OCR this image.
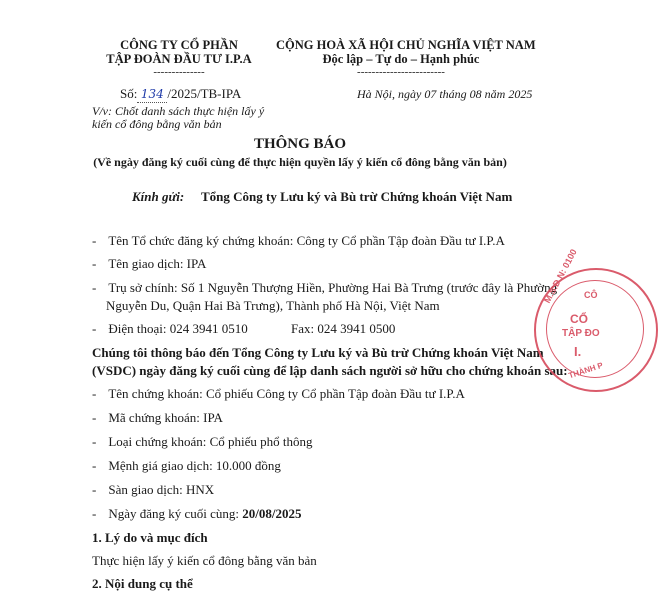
CÔNG TY CỔ PHẦN
TẬP ĐOÀN ĐẦU TƯ I.P.A
--------------
Số: 134 /2025/TB-IPA
V/v: Chốt danh sách thực hiện lấy ý
kiến cổ đông bằng văn bản
CỘNG HOÀ XÃ HỘI CHỦ NGHĨA VIỆT NAM
Độc lập – Tự do – Hạnh phúc
------------------------
Hà Nội, ngày 07 tháng 08 năm 2025
THÔNG BÁO
(Về ngày đăng ký cuối cùng để thực hiện quyền lấy ý kiến cổ đông bằng văn bản)
Kính gửi: Tổng Công ty Lưu ký và Bù trừ Chứng khoán Việt Nam
- Tên Tổ chức đăng ký chứng khoán: Công ty Cổ phần Tập đoàn Đầu tư I.P.A
- Tên giao dịch: IPA
- Trụ sở chính: Số 1 Nguyễn Thượng Hiền, Phường Hai Bà Trưng (trước đây là Phường
Nguyễn Du, Quận Hai Bà Trưng), Thành phố Hà Nội, Việt Nam
- Điện thoại: 024 3941 0510	Fax: 024 3941 0500
Chúng tôi thông báo đến Tổng Công ty Lưu ký và Bù trừ Chứng khoán Việt Nam
(VSDC) ngày đăng ký cuối cùng để lập danh sách người sở hữu cho chứng khoán sau:
- Tên chứng khoán: Cổ phiếu Công ty Cổ phần Tập đoàn Đầu tư I.P.A
- Mã chứng khoán: IPA
- Loại chứng khoán: Cổ phiếu phổ thông
- Mệnh giá giao dịch: 10.000 đồng
- Sàn giao dịch: HNX
- Ngày đăng ký cuối cùng: 20/08/2025
1. Lý do và mục đích
Thực hiện lấy ý kiến cổ đông bằng văn bản
2. Nội dung cụ thể
M.S.D.N: 0100 CÔ
CỔ
TẬP ĐO
I.
THÀNH P
